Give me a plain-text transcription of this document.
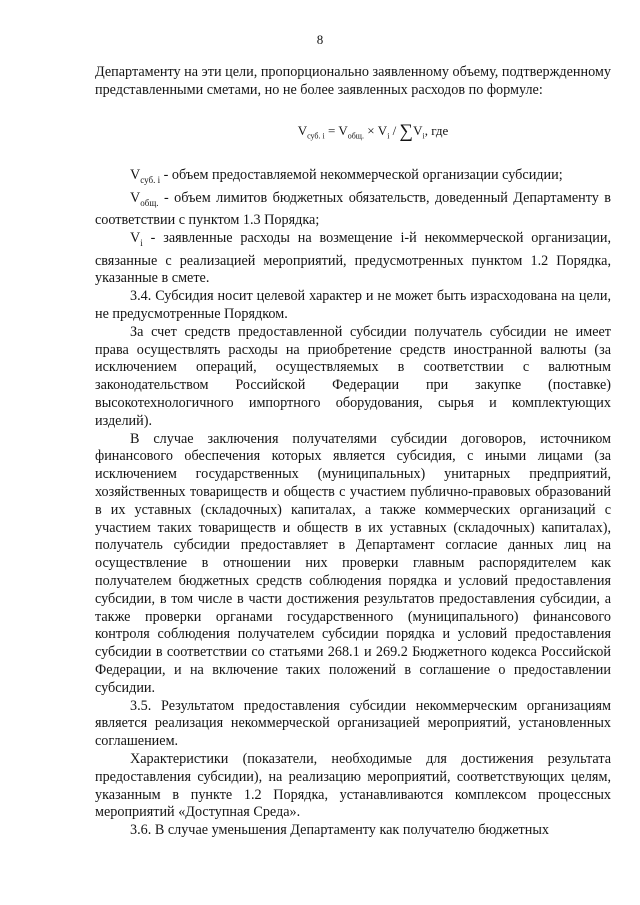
8

Департаменту на эти цели, пропорционально заявленному объему, подтвержденному представленными сметами, но не более заявленных расходов по формуле:

$V_{суб. i} = V_{общ.} \times V_i / \sum V_i$, где

$V_{суб. i}$ - объем предоставляемой некоммерческой организации субсидии;

$V_{общ.}$ - объем лимитов бюджетных обязательств, доведенный Департаменту в соответствии с пунктом 1.3 Порядка;

$V_i$ - заявленные расходы на возмещение i-й некоммерческой организации, связанные с реализацией мероприятий, предусмотренных пунктом 1.2 Порядка, указанные в смете.

3.4. Субсидия носит целевой характер и не может быть израсходована на цели, не предусмотренные Порядком.

За счет средств предоставленной субсидии получатель субсидии не имеет права осуществлять расходы на приобретение средств иностранной валюты (за исключением операций, осуществляемых в соответствии с валютным законодательством Российской Федерации при закупке (поставке) высокотехнологичного импортного оборудования, сырья и комплектующих изделий).

В случае заключения получателями субсидии договоров, источником финансового обеспечения которых является субсидия, с иными лицами (за исключением государственных (муниципальных) унитарных предприятий, хозяйственных товариществ и обществ с участием публично-правовых образований в их уставных (складочных) капиталах, а также коммерческих организаций с участием таких товариществ и обществ в их уставных (складочных) капиталах), получатель субсидии предоставляет в Департамент согласие данных лиц на осуществление в отношении них проверки главным распорядителем как получателем бюджетных средств соблюдения порядка и условий предоставления субсидии, в том числе в части достижения результатов предоставления субсидии, а также проверки органами государственного (муниципального) финансового контроля соблюдения получателем субсидии порядка и условий предоставления субсидии в соответствии со статьями 268.1 и 269.2 Бюджетного кодекса Российской Федерации, и на включение таких положений в соглашение о предоставлении субсидии.

3.5. Результатом предоставления субсидии некоммерческим организациям является реализация некоммерческой организацией мероприятий, установленных соглашением.

Характеристики (показатели, необходимые для достижения результата предоставления субсидии), на реализацию мероприятий, соответствующих целям, указанным в пункте 1.2 Порядка, устанавливаются комплексом процессных мероприятий «Доступная Среда».

3.6. В случае уменьшения Департаменту как получателю бюджетных
